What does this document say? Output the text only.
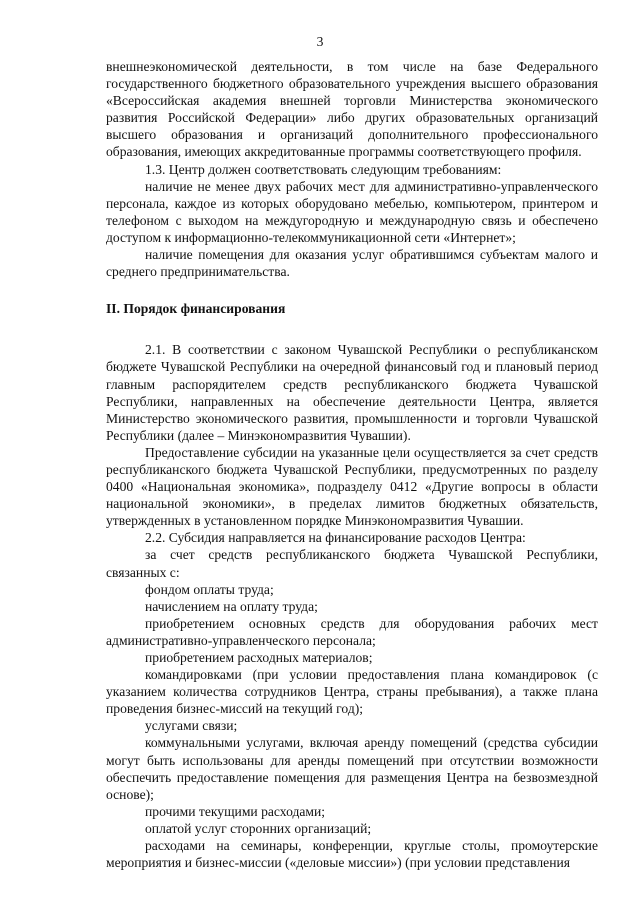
3

внешнеэкономической деятельности, в том числе на базе Федерального государственного бюджетного образовательного учреждения высшего образования «Всероссийская академия внешней торговли Министерства экономического развития Российской Федерации» либо других образовательных организаций высшего образования и организаций дополнительного профессионального образования, имеющих аккредитованные программы соответствующего профиля.

1.3. Центр должен соответствовать следующим требованиям:

наличие не менее двух рабочих мест для административно-управленческого персонала, каждое из которых оборудовано мебелью, компьютером, принтером и телефоном с выходом на междугородную и международную связь и обеспечено доступом к информационно-телекоммуникационной сети «Интернет»;

наличие помещения для оказания услуг обратившимся субъектам малого и среднего предпринимательства.

II. Порядок финансирования

2.1. В соответствии с законом Чувашской Республики о республиканском бюджете Чувашской Республики на очередной финансовый год и плановый период главным распорядителем средств республиканского бюджета Чувашской Республики, направленных на обеспечение деятельности Центра, является Министерство экономического развития, промышленности и торговли Чувашской Республики (далее – Минэкономразвития Чувашии).

Предоставление субсидии на указанные цели осуществляется за счет средств республиканского бюджета Чувашской Республики, предусмотренных по разделу 0400 «Национальная экономика», подразделу 0412 «Другие вопросы в области национальной экономики», в пределах лимитов бюджетных обязательств, утвержденных в установленном порядке Минэкономразвития Чувашии.

2.2. Субсидия направляется на финансирование расходов Центра:

за счет средств республиканского бюджета Чувашской Республики, связанных с:

фондом оплаты труда;

начислением на оплату труда;

приобретением основных средств для оборудования рабочих мест административно-управленческого персонала;

приобретением расходных материалов;

командировками (при условии предоставления плана командировок (с указанием количества сотрудников Центра, страны пребывания), а также плана проведения бизнес-миссий на текущий год);

услугами связи;

коммунальными услугами, включая аренду помещений (средства субсидии могут быть использованы для аренды помещений при отсутствии возможности обеспечить предоставление помещения для размещения Центра на безвозмездной основе);

прочими текущими расходами;

оплатой услуг сторонних организаций;

расходами на семинары, конференции, круглые столы, промоутерские мероприятия и бизнес-миссии («деловые миссии») (при условии представления
